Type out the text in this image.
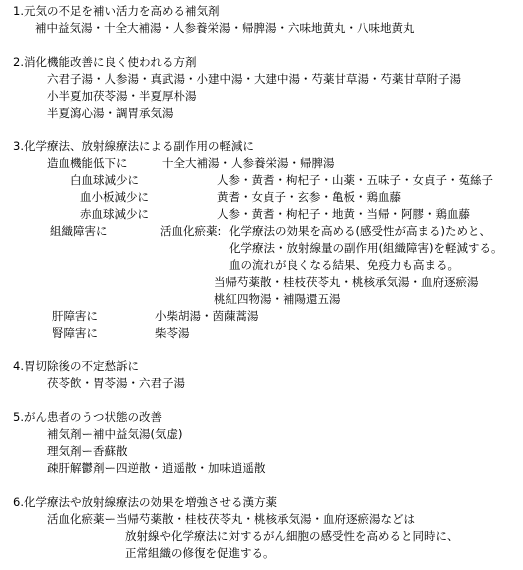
1.元気の不足を補い活力を高める補気剤
補中益気湯・十全大補湯・人参養栄湯・帰脾湯・六味地黄丸・八味地黄丸
2.消化機能改善に良く使われる方剤
六君子湯・人参湯・真武湯・小建中湯・大建中湯・芍薬甘草湯・芍薬甘草附子湯
小半夏加茯苓湯・半夏厚朴湯
半夏瀉心湯・調胃承気湯
3.化学療法、放射線療法による副作用の軽減に
造血機能低下に	十全大補湯・人参養栄湯・帰脾湯
白血球減少に	人参・黄耆・枸杞子・山薬・五味子・女貞子・菟絲子
血小板減少に	黄耆・女貞子・玄参・亀板・鶏血藤
赤血球減少に	人参・黄耆・枸杞子・地黄・当帰・阿膠・鶏血藤
組織障害に	活血化瘀薬: 化学療法の効果を高める(感受性が高まる)ためと、
化学療法・放射線量の副作用(組織障害)を軽減する。
血の流れが良くなる結果、免疫力も高まる。
当帰芍薬散・桂枝茯苓丸・桃核承気湯・血府逐瘀湯
桃紅四物湯・補陽還五湯
肝障害に	小柴胡湯・茵蔯蒿湯
腎障害に	柴苓湯
4.胃切除後の不定愁訴に
茯苓飲・胃苓湯・六君子湯
5.がん患者のうつ状態の改善
補気剤ー補中益気湯(気虚)
理気剤ー香蘇散
疎肝解鬱剤ー四逆散・逍遥散・加味逍遥散
6.化学療法や放射線療法の効果を増強させる漢方薬
活血化瘀薬ー当帰芍薬散・桂枝茯苓丸・桃核承気湯・血府逐瘀湯などは
放射線や化学療法に対するがん細胞の感受性を高めると同時に、
正常組織の修復を促進する。
